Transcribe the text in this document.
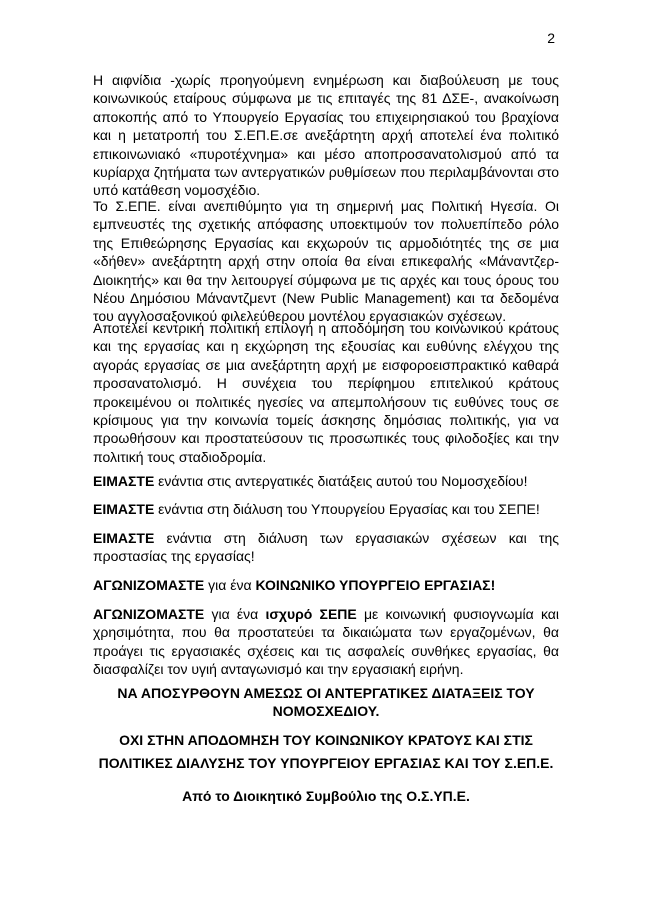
2

Η αιφνίδια -χωρίς προηγούμενη ενημέρωση και διαβούλευση με τους κοινωνικούς εταίρους σύμφωνα με τις επιταγές της 81 ΔΣΕ-, ανακοίνωση αποκοπής από το Υπουργείο Εργασίας του επιχειρησιακού του βραχίονα και η μετατροπή του Σ.ΕΠ.Ε.σε ανεξάρτητη αρχή αποτελεί ένα πολιτικό επικοινωνιακό «πυροτέχνημα» και μέσο αποπροσανατολισμού από τα κυρίαρχα ζητήματα των αντεργατικών ρυθμίσεων που περιλαμβάνονται στο υπό κατάθεση νομοσχέδιο.

Το Σ.ΕΠΕ. είναι ανεπιθύμητο για τη σημερινή μας Πολιτική Ηγεσία. Οι εμπνευστές της σχετικής απόφασης υποεκτιμούν τον πολυεπίπεδο ρόλο της Επιθεώρησης Εργασίας και εκχωρούν τις αρμοδιότητές της σε μια «δήθεν» ανεξάρτητη αρχή στην οποία θα είναι επικεφαλής «Μάναντζερ-Διοικητής» και θα την λειτουργεί σύμφωνα με τις αρχές και τους όρους του Νέου Δημόσιου Μάναντζμεντ (New Public Management) και τα δεδομένα του αγγλοσαξονικού φιλελεύθερου μοντέλου εργασιακών σχέσεων.

Αποτελεί κεντρική πολιτική επιλογή η αποδόμηση του κοινωνικού κράτους και της εργασίας και η εκχώρηση της εξουσίας και ευθύνης ελέγχου της αγοράς εργασίας σε μια ανεξάρτητη αρχή με εισφοροεισπρακτικό καθαρά προσανατολισμό. Η συνέχεια του περίφημου επιτελικού κράτους προκειμένου οι πολιτικές ηγεσίες να απεμπολήσουν τις ευθύνες τους σε κρίσιμους για την κοινωνία τομείς άσκησης δημόσιας πολιτικής, για να προωθήσουν και προστατεύσουν τις προσωπικές τους φιλοδοξίες και την πολιτική τους σταδιοδρομία.

ΕΙΜΑΣΤΕ ενάντια στις αντεργατικές διατάξεις αυτού του Νομοσχεδίου!

ΕΙΜΑΣΤΕ ενάντια στη διάλυση του Υπουργείου Εργασίας και του ΣΕΠΕ!

ΕΙΜΑΣΤΕ ενάντια στη διάλυση των εργασιακών σχέσεων και της προστασίας της εργασίας!

ΑΓΩΝΙΖΟΜΑΣΤΕ για ένα ΚΟΙΝΩΝΙΚΟ ΥΠΟΥΡΓΕΙΟ ΕΡΓΑΣΙΑΣ!

ΑΓΩΝΙΖΟΜΑΣΤΕ για ένα ισχυρό ΣΕΠΕ με κοινωνική φυσιογνωμία και χρησιμότητα, που θα προστατεύει τα δικαιώματα των εργαζομένων, θα προάγει τις εργασιακές σχέσεις και τις ασφαλείς συνθήκες εργασίας, θα διασφαλίζει τον υγιή ανταγωνισμό και την εργασιακή ειρήνη.

ΝΑ ΑΠΟΣΥΡΘΟΥΝ ΑΜΕΣΩΣ ΟΙ ΑΝΤΕΡΓΑΤΙΚΕΣ ΔΙΑΤΑΞΕΙΣ ΤΟΥ ΝΟΜΟΣΧΕΔΙΟΥ.

ΟΧΙ ΣΤΗΝ ΑΠΟΔΟΜΗΣΗ ΤΟΥ ΚΟΙΝΩΝΙΚΟΥ ΚΡΑΤΟΥΣ ΚΑΙ ΣΤΙΣ ΠΟΛΙΤΙΚΕΣ ΔΙΑΛΥΣΗΣ ΤΟΥ ΥΠΟΥΡΓΕΙΟΥ ΕΡΓΑΣΙΑΣ ΚΑΙ ΤΟΥ Σ.ΕΠ.Ε.

Από το Διοικητικό Συμβούλιο της Ο.Σ.ΥΠ.Ε.
